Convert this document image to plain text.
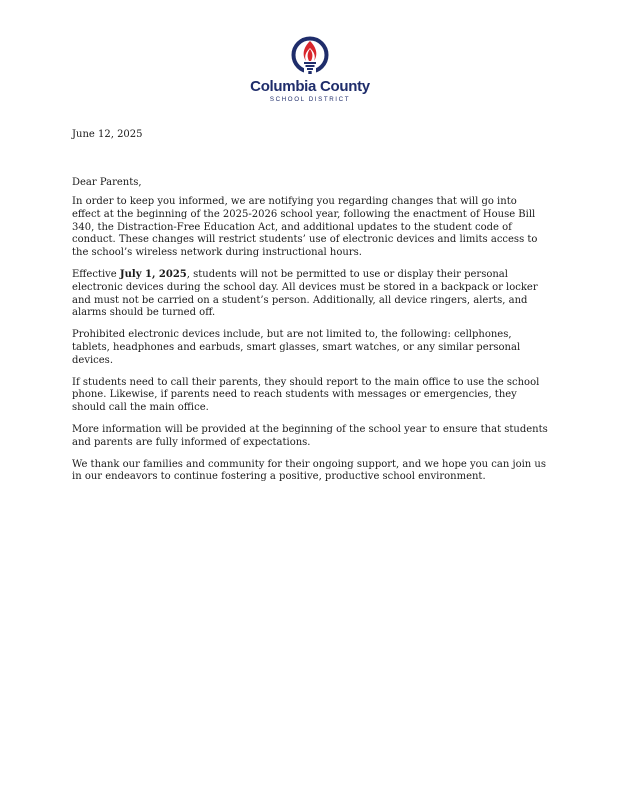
Columbia County
SCHOOL DISTRICT
June 12, 2025
Dear Parents,

In order to keep you informed, we are notifying you regarding changes that will go into effect at the beginning of the 2025-2026 school year, following the enactment of House Bill 340, the Distraction-Free Education Act, and additional updates to the student code of conduct. These changes will restrict students’ use of electronic devices and limits access to the school’s wireless network during instructional hours.

Effective July 1, 2025, students will not be permitted to use or display their personal electronic devices during the school day. All devices must be stored in a backpack or locker and must not be carried on a student’s person. Additionally, all device ringers, alerts, and alarms should be turned off.

Prohibited electronic devices include, but are not limited to, the following: cellphones, tablets, headphones and earbuds, smart glasses, smart watches, or any similar personal devices.

If students need to call their parents, they should report to the main office to use the school phone. Likewise, if parents need to reach students with messages or emergencies, they should call the main office.

More information will be provided at the beginning of the school year to ensure that students and parents are fully informed of expectations.

We thank our families and community for their ongoing support, and we hope you can join us in our endeavors to continue fostering a positive, productive school environment.
